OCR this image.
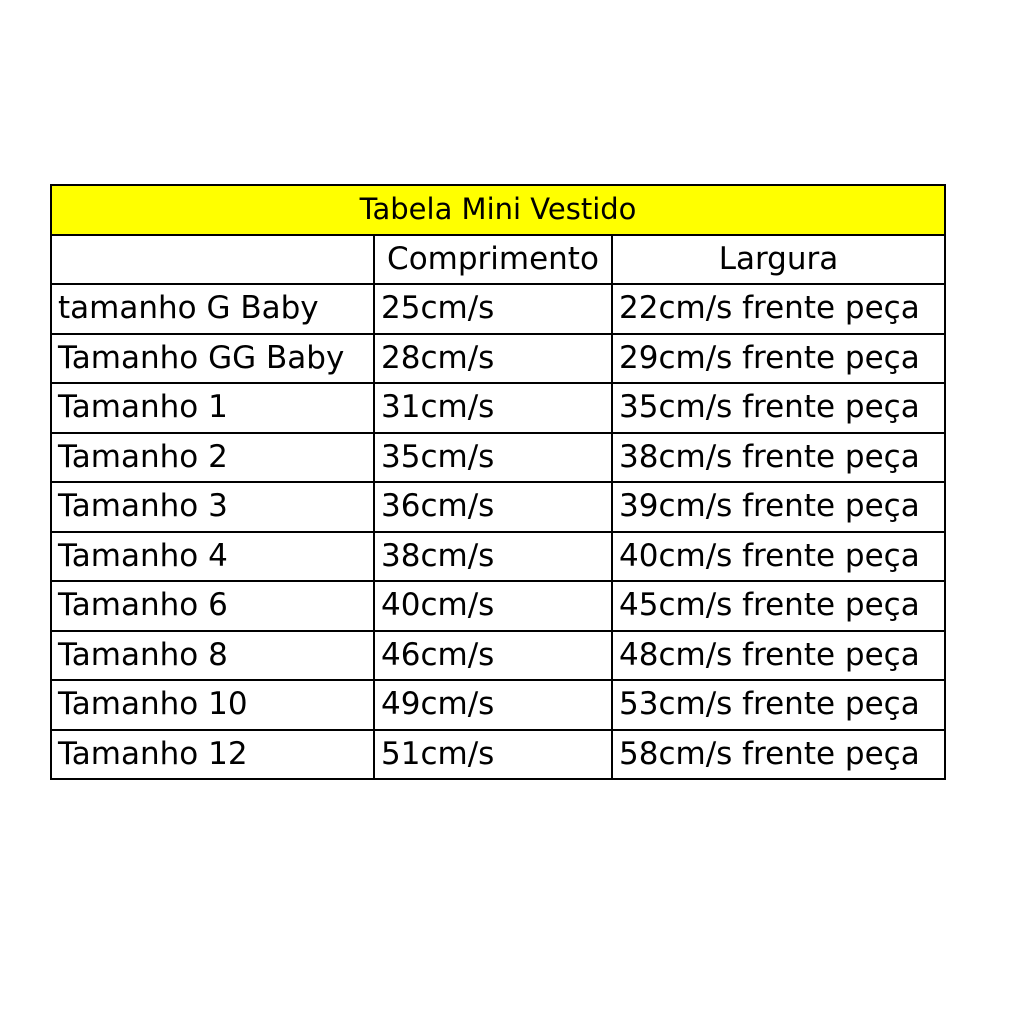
Tabela Mini Vestido		
	Comprimento	Largura
tamanho G Baby	25cm/s	22cm/s frente peça
Tamanho GG Baby	28cm/s	29cm/s frente peça
Tamanho 1	31cm/s	35cm/s frente peça
Tamanho 2	35cm/s	38cm/s frente peça
Tamanho 3	36cm/s	39cm/s frente peça
Tamanho 4	38cm/s	40cm/s frente peça
Tamanho 6	40cm/s	45cm/s frente peça
Tamanho 8	46cm/s	48cm/s frente peça
Tamanho 10	49cm/s	53cm/s frente peça
Tamanho 12	51cm/s	58cm/s frente peça
